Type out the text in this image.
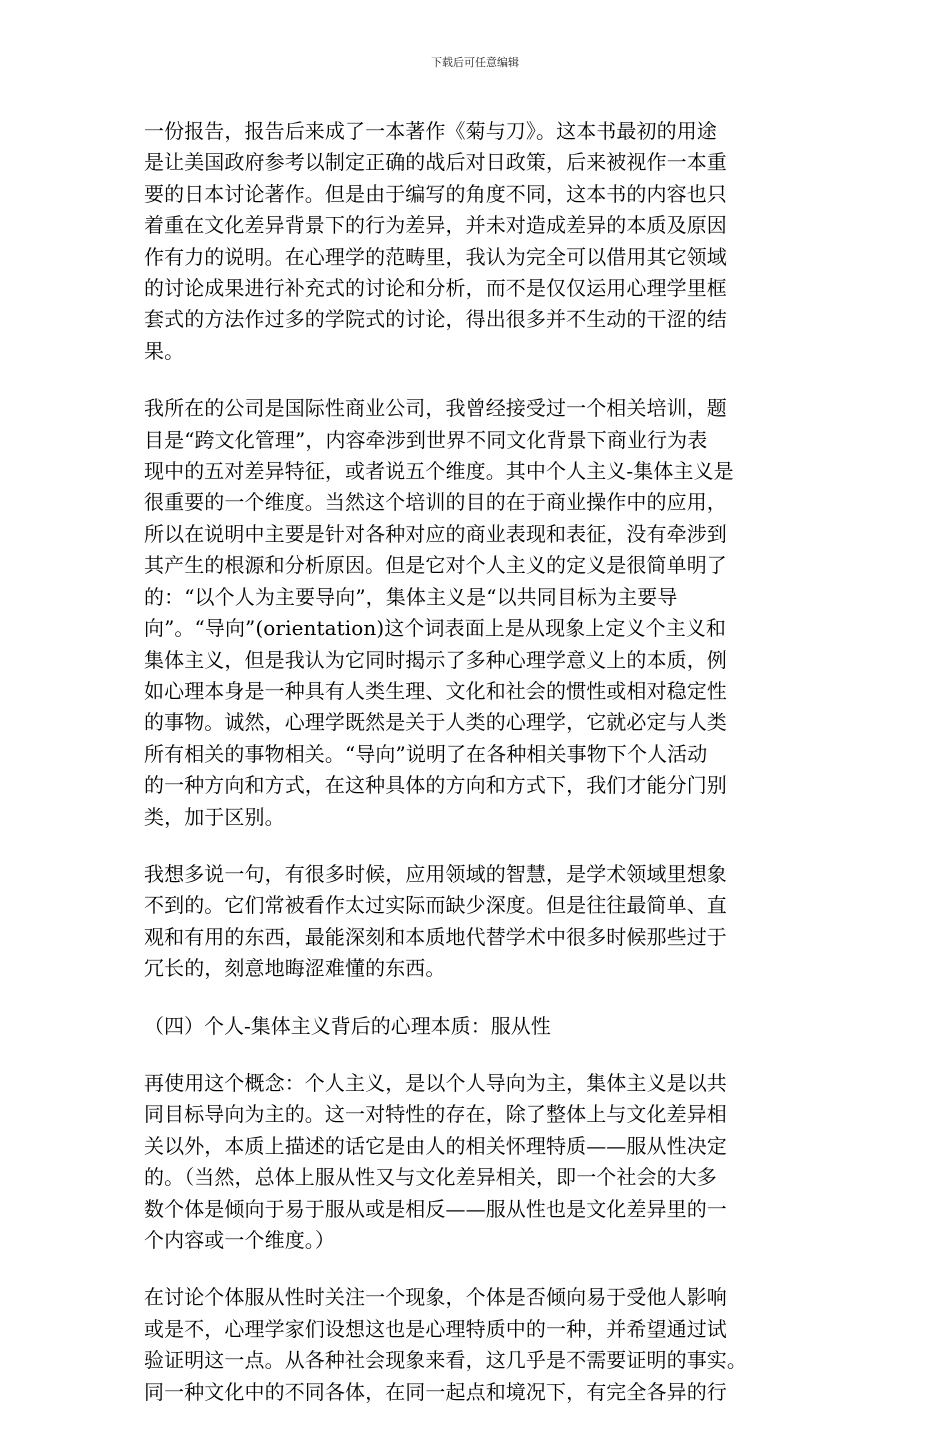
下载后可任意编辑

一份报告，报告后来成了一本著作《菊与刀》。这本书最初的用途
是让美国政府参考以制定正确的战后对日政策，后来被视作一本重
要的日本讨论著作。但是由于编写的角度不同，这本书的内容也只
着重在文化差异背景下的行为差异，并未对造成差异的本质及原因
作有力的说明。在心理学的范畴里，我认为完全可以借用其它领域
的讨论成果进行补充式的讨论和分析，而不是仅仅运用心理学里框
套式的方法作过多的学院式的讨论，得出很多并不生动的干涩的结
果。

我所在的公司是国际性商业公司，我曾经接受过一个相关培训，题
目是“跨文化管理”，内容牵涉到世界不同文化背景下商业行为表
现中的五对差异特征，或者说五个维度。其中个人主义-集体主义是
很重要的一个维度。当然这个培训的目的在于商业操作中的应用，
所以在说明中主要是针对各种对应的商业表现和表征，没有牵涉到
其产生的根源和分析原因。但是它对个人主义的定义是很简单明了
的：“以个人为主要导向”，集体主义是“以共同目标为主要导
向”。“导向”(orientation)这个词表面上是从现象上定义个主义和
集体主义，但是我认为它同时揭示了多种心理学意义上的本质，例
如心理本身是一种具有人类生理、文化和社会的惯性或相对稳定性
的事物。诚然，心理学既然是关于人类的心理学，它就必定与人类
所有相关的事物相关。“导向”说明了在各种相关事物下个人活动
的一种方向和方式，在这种具体的方向和方式下，我们才能分门别
类，加于区别。

我想多说一句，有很多时候，应用领域的智慧，是学术领域里想象
不到的。它们常被看作太过实际而缺少深度。但是往往最简单、直
观和有用的东西，最能深刻和本质地代替学术中很多时候那些过于
冗长的，刻意地晦涩难懂的东西。

（四）个人-集体主义背后的心理本质：服从性

再使用这个概念：个人主义，是以个人导向为主，集体主义是以共
同目标导向为主的。这一对特性的存在，除了整体上与文化差异相
关以外，本质上描述的话它是由人的相关怀理特质——服从性决定
的。（当然，总体上服从性又与文化差异相关，即一个社会的大多
数个体是倾向于易于服从或是相反——服从性也是文化差异里的一
个内容或一个维度。）

在讨论个体服从性时关注一个现象，个体是否倾向易于受他人影响
或是不，心理学家们设想这也是心理特质中的一种，并希望通过试
验证明这一点。从各种社会现象来看，这几乎是不需要证明的事实。
同一种文化中的不同各体，在同一起点和境况下，有完全各异的行
